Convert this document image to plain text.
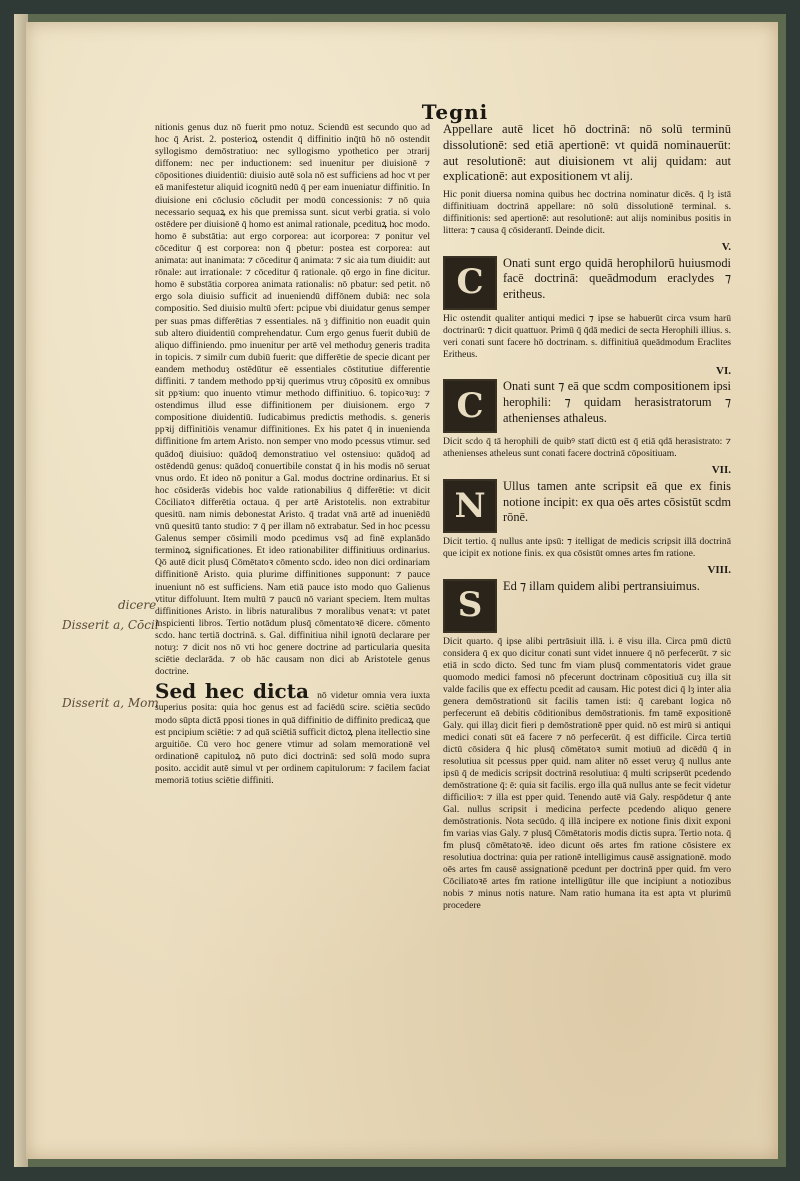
Tegni
dicere
Disserit a, Cōcil
Disserit a, Mom

nitionis genus duz nō fuerit pmo notuz. Sciendū est secundo quo ad hoc q̄ Arist. 2. posterioꝝ ostendit q̄ diffinitio inq̄tū hō nō ostendit syllogismo demōstratiuo: nec syllogismo ypothetico per ɔtrarij diffonem: nec per inductionem: sed inuenitur per diuisionē ⁊ cōpositiones diuidentiū: diuisio autē sola nō est sufficiens ad hoc vt per eā manifestetur aliquid icognitū nedū q̄ per eam inueniatur diffinitio. In diuisione eni cōclusio cōcludit per modū concessionis: ⁊ nō quia necessario sequaꝝ ex his que premissa sunt. sicut verbi gratia. si volo ostēdere per diuisionē q̄ homo est animal rationale, pcedituꝝ hoc modo. homo ē substātia: aut ergo corporea: aut icorporea: ⁊ ponitur vel cōceditur q̄ est corporea: non q̄ pbetur: postea est corporea: aut animata: aut inanimata: ⁊ cōceditur q̄ animata: ⁊ sic aia tum diuidit: aut rōnale: aut irrationale: ⁊ cōceditur q̄ rationale. qō ergo in fine dicitur. homo ē substātia corporea animata rationalis: nō pbatur: sed petit. nō ergo sola diuisio sufficit ad inueniendū diffōnem dubiā: nec sola compositio. Sed diuisio multū ɔfert: pcipue vbi diuidatur genus semper per suas pmas differētias ⁊ essentiales. nā ȝ diffinitio non euadit quin sub altero diuidentiū comprehendatur. Cum ergo genus fuerit dubiū de aliquo diffiniendo. pmo inuenitur per artē vel methoduȝ generis tradita in topicis. ⁊ similr cum dubiū fuerit: que differētie de specie dicant per eandem methoduȝ ostēdūtur eē essentiales cōstitutiue differentie diffiniti. ⁊ tandem methodo ppꝛij querimus vtruȝ cōpositū ex omnibus sit ppꝛium: quo inuento vtimur methodo diffinitiuo. 6. topicoꝛuȝ: ⁊ ostendimus illud esse diffinitionem per diuisionem. ergo ⁊ compositione diuidentiū. Iudicabimus predictis methodis. s. generis ppꝛij diffinitiōis venamur diffinitiones. Ex his patet q̄ in inuenienda diffinitione fm artem Aristo. non semper vno modo pcessus vtimur. sed quādoq̄ diuisiuo: quādoq̄ demonstratiuo vel ostensiuo: quādoq̄ ad ostēdendū genus: quādoq̄ conuertibile constat q̄ in his modis nō seruat vnus ordo. Et ideo nō ponitur a Gal. modus doctrine ordinarius. Et si hoc cōsiderās videbis hoc valde rationabilius q̄ differētie: vt dicit Cōciliatoꝛ differētia octaua. q̄ per artē Aristotelis. non extrabitur quesitū. nam nimis debonestat Aristo. q̄ tradat vnā artē ad inueniēdū vnū quesitū tanto studio: ⁊ q̄ per illam nō extrabatur. Sed in hoc pcessu Galenus semper cōsimili modo pcedimus vsq̄ ad finē explanādo terminoꝝ significationes. Et ideo rationabiliter diffinitiuus ordinarius. Qō autē dicit plusq̄ Cōmētatoꝛ cōmento scdo. ideo non dici ordinariam diffinitionē Aristo. quia plurime diffinitiones supponunt: ⁊ pauce inueniunt nō est sufficiens. Nam etiā pauce isto modo quo Galienus vtitur diffoluunt. Item multū ⁊ paucū nō variant speciem. Item multas diffinitiones Aristo. in libris naturalibus ⁊ moralibus venatꝛ: vt patet inspicienti libros. Tertio notādum plusq̄ cōmentatoꝛē dicere. cōmento scdo. hanc tertiā doctrinā. s. Gal. diffinitiua nihil ignotū declarare per notuȝ: ⁊ dicit nos nō vti hoc genere doctrine ad particularia quesita sciētie declarāda. ⁊ ob hāc causam non dici ab Aristotele genus doctrine.

Sed hec dicta nō videtur omnia vera iuxta superius posita: quia hoc genus est ad faciēdū scire. sciētia secūdo modo sūpta dictā pposi tiones in quā diffinitio de diffinito predicaꝝ que est pncipium sciētie: ⁊ ad quā sciētiā sufficit dictoꝝ plena itellectio sine arguitiōe. Cū vero hoc genere vtimur ad solam memorationē vel ordinationē capituloꝝ nō puto dici doctrinā: sed solū modo supra posito. accidit autē simul vt per ordinem capitulorum: ⁊ facilem faciat memoriā totius sciētie diffiniti.

Appellare autē licet hō doctrinā: nō solū terminū dissolutionē: sed etiā apertionē: vt quidā nominauerūt: aut resolutionē: aut diuisionem vt alij quidam: aut explicationē: aut expositionem vt alij.

Hic ponit diuersa nomina quibus hec doctrina nominatur dicēs. q̄ lȝ istā diffinitiuam doctrinā appellare: nō solū dissolutionē terminal. s. diffinitionis: sed apertionē: aut resolutionē: aut alijs nominibus positis in littera: ⁊ causa q̄ cōsiderantī. Deinde dicit.

V.
C	Onati sunt ergo quidā herophilorū huiusmodi facē doctrinā: queādmodum eraclydes ⁊ eritheus.

Hic ostendit qualiter antiqui medici ⁊ ipse se habuerūt circa vsum harū doctrinarū: ⁊ dicit quattuor. Primū q̄ q̄dā medici de secta Herophili illius. s. veri conati sunt facere hō doctrinam. s. diffinitiuā queādmodum Eraclites Eritheus.

VI.
C	Onati sunt ⁊ eā que scdm compositionem ipsi herophili: ⁊ quidam herasistratorum ⁊ athenienses athaleus.

Dicit scdo q̄ tā herophili de quibꝰ statī dictū est q̄ etiā qdā herasistrato: ⁊ athenienses atheleus sunt conati facere doctrinā cōpositiuam.

VII.
N	Ullus tamen ante scripsit eā que ex finis notione incipit: ex qua oēs artes cōsistūt scdm rōnē.

Dicit tertio. q̄ nullus ante ipsū: ⁊ itelligat de medicis scripsit illā doctrinā que icipit ex notione finis. ex qua cōsistūt omnes artes fm ratione.

VIII.
S	Ed ⁊ illam quidem alibi pertransiuimus.

Dicit quarto. q̄ ipse alibi pertrāsiuit illā. i. ē visu illa. Circa pmū dictū considera q̄ ex quo dicitur conati sunt videt innuere q̄ nō perfecerūt. ⁊ sic etiā in scdo dicto. Sed tunc fm viam plusq̄ commentatoris videt graue quomodo medici famosi nō pfecerunt doctrinam cōpositiuā cuȝ illa sit valde facilis que ex effectu pcedit ad causam. Hic potest dici q̄ lȝ inter alia genera demōstrationū sit facilis tamen isti: q̄ carebant logica nō perfecerunt eā debitis cōditionibus demōstrationis. fm tamē expositionē Galy. qui illaȝ dicit fieri p demōstrationē pper quid. nō est mirū si antiqui medici conati sūt eā facere ⁊ nō perfecerūt. q̄ est difficile. Circa tertiū dictū cōsidera q̄ hic plusq̄ cōmētatoꝛ sumit motiuū ad dicēdū q̄ in resolutiua sit pcessus pper quid. nam aliter nō esset veruȝ q̄ nullus ante ipsū q̄ de medicis scripsit doctrinā resolutiua: q̄ multi scripserūt pcedendo demōstratione q̄: ē: quia sit facilis. ergo illa quā nullus ante se fecit videtur difficilioꝛ: ⁊ illa est pper quid. Tenendo autē viā Galy. respōdetur q̄ ante Gal. nullus scripsit i medicina perfecte pcedendo aliquo genere demōstrationis. Nota secūdo. q̄ illā incipere ex notione finis dixit exponi fm varias vias Galy. ⁊ plusq̄ Cōmētatoris modis dictis supra. Tertio nota. q̄ fm plusq̄ cōmētatoꝛē. ideo dicunt oēs artes fm ratione cōsistere ex resolutiua doctrina: quia per rationē intelligimus causē assignationē. modo oēs artes fm causē assignationē pcedunt per doctrinā pper quid. fm vero Cōciliatoꝛē artes fm ratione intelligūtur ille que incipiunt a notiozibus nobis ⁊ minus notis nature. Nam ratio humana ita est apta vt plurimū procedere
